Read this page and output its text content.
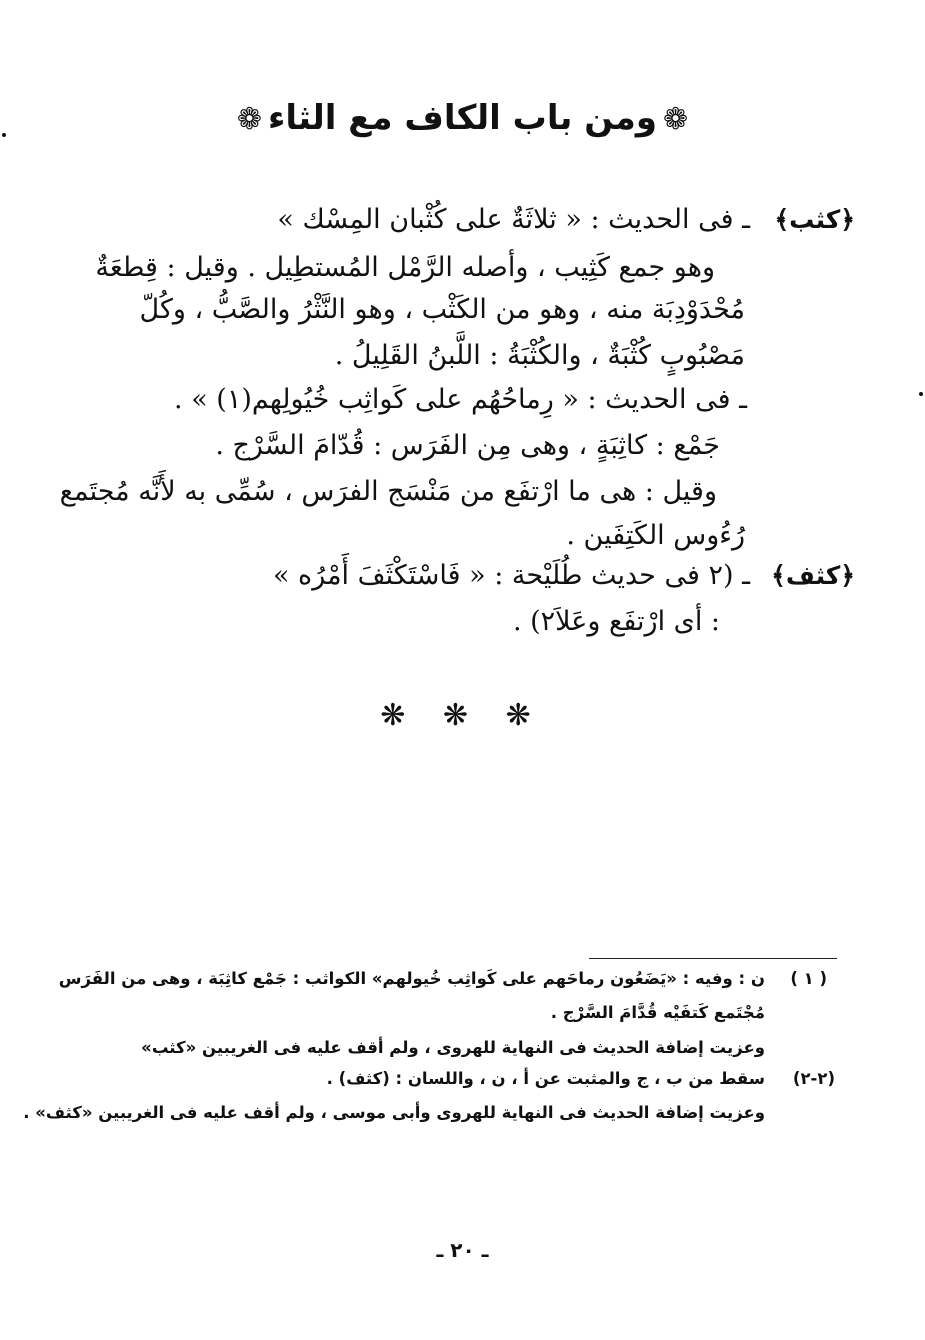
❁ومن باب الكاف مع الثاء❁
﴿كثب﴾
ـ فى الحديث : « ثلاثَةٌ على كُثْبان المِسْك »
وهو جمع كَثِيب ، وأصله الرَّمْل المُستطِيل . وقيل : قِطعَةٌ
مُحْدَوْدِبَة منه ، وهو من الكَثْب ، وهو النَّثْرُ والصَّبُّ ، وكُلّ
مَصْبُوبٍ كُثْبَةٌ ، والكُثْبَةُ : اللَّبنُ القَلِيلُ .
ـ فى الحديث : « رِماحُهُم على كَواثِب خُيُولِهم(١) » .
جَمْع : كاثِبَةٍ ، وهى مِن الفَرَس : قُدّامَ السَّرْج .
وقيل : هى ما ارْتفَع من مَنْسَج الفرَس ، سُمِّى به لأَنَّه مُجتَمع
رُءُوس الكَتِفَين .
﴿كثف﴾
ـ (٢ فى حديث طُلَيْحة : « فَاسْتَكْثَفَ أَمْرُه »
: أى ارْتفَع وعَلاَ٢) .
❋ ❋ ❋
( ١ )
ن : وفيه : «يَضَعُون رماحَهم على كَواثِب خُيولهم» الكواثب : جَمْع كاثِبَة ، وهى من الفَرَس
مُجْتَمع كَتفَيْه قُدَّامَ السَّرْج .
وعزيت إضافة الحديث فى النهاية للهروى ، ولم أقف عليه فى الغريبين «كثب»
(٢-٢)
سقط من ب ، ج والمثبت عن أ ، ن ، واللسان : (كثف) .
وعزيت إضافة الحديث فى النهاية للهروى وأبى موسى ، ولم أقف عليه فى الغريبين «كثف» .
ـ ٢٠ ـ
